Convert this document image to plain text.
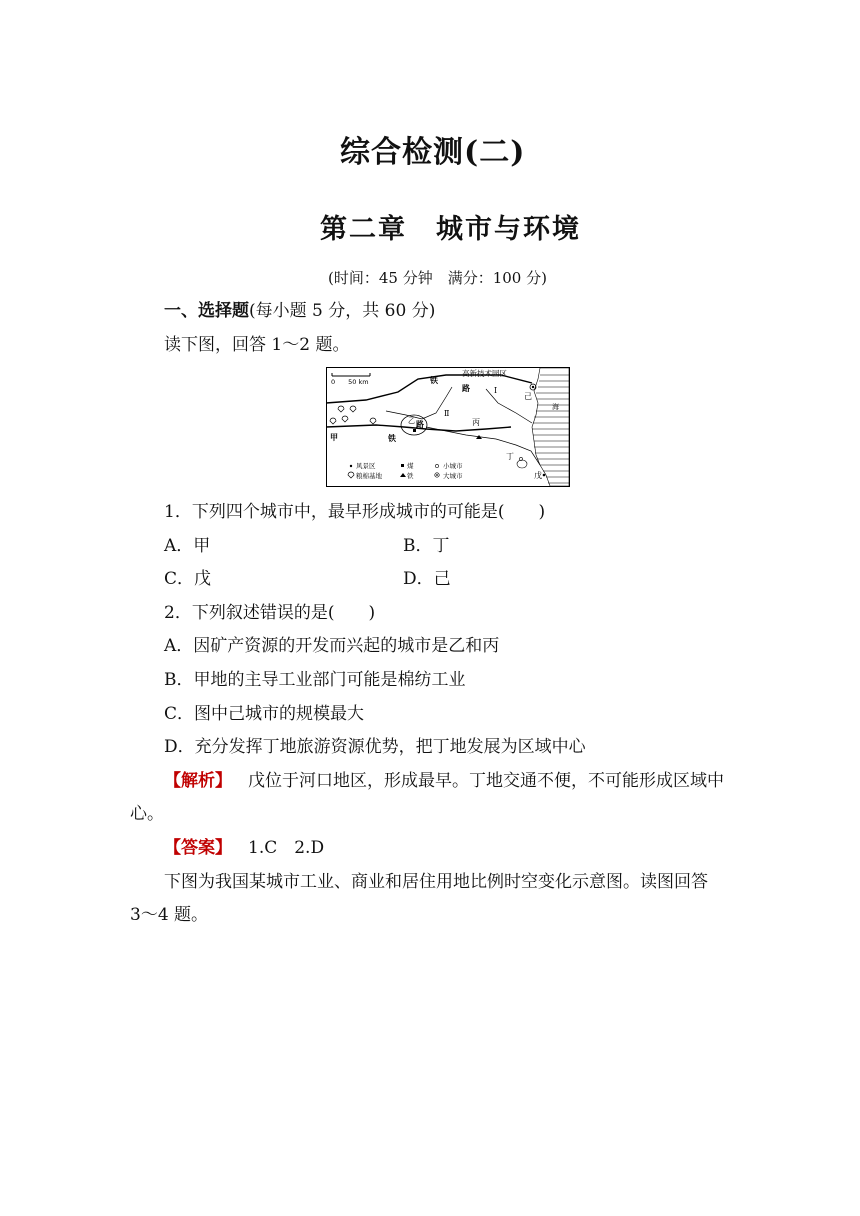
综合检测(二)
第二章　城市与环境
(时间：45 分钟　满分：100 分)
一、选择题(每小题 5 分，共 60 分)
读下图，回答 1～2 题。
0　　50 km
高新技术园区
铁
路	Ⅰ
Ⅱ
己
海
乙 路	丙
甲	铁
丁
戊
风景区	煤	小城市
粮棉基地	铁	大城市
1．下列四个城市中，最早形成城市的可能是(　　)
A．甲	B．丁
C．戊	D．己
2．下列叙述错误的是(　　)
A．因矿产资源的开发而兴起的城市是乙和丙
B．甲地的主导工业部门可能是棉纺工业
C．图中己城市的规模最大
D．充分发挥丁地旅游资源优势，把丁地发展为区域中心
【解析】 戊位于河口地区，形成最早。丁地交通不便，不可能形成区域中
心。
【答案】 1.C　2.D
下图为我国某城市工业、商业和居住用地比例时空变化示意图。读图回答
3～4 题。
